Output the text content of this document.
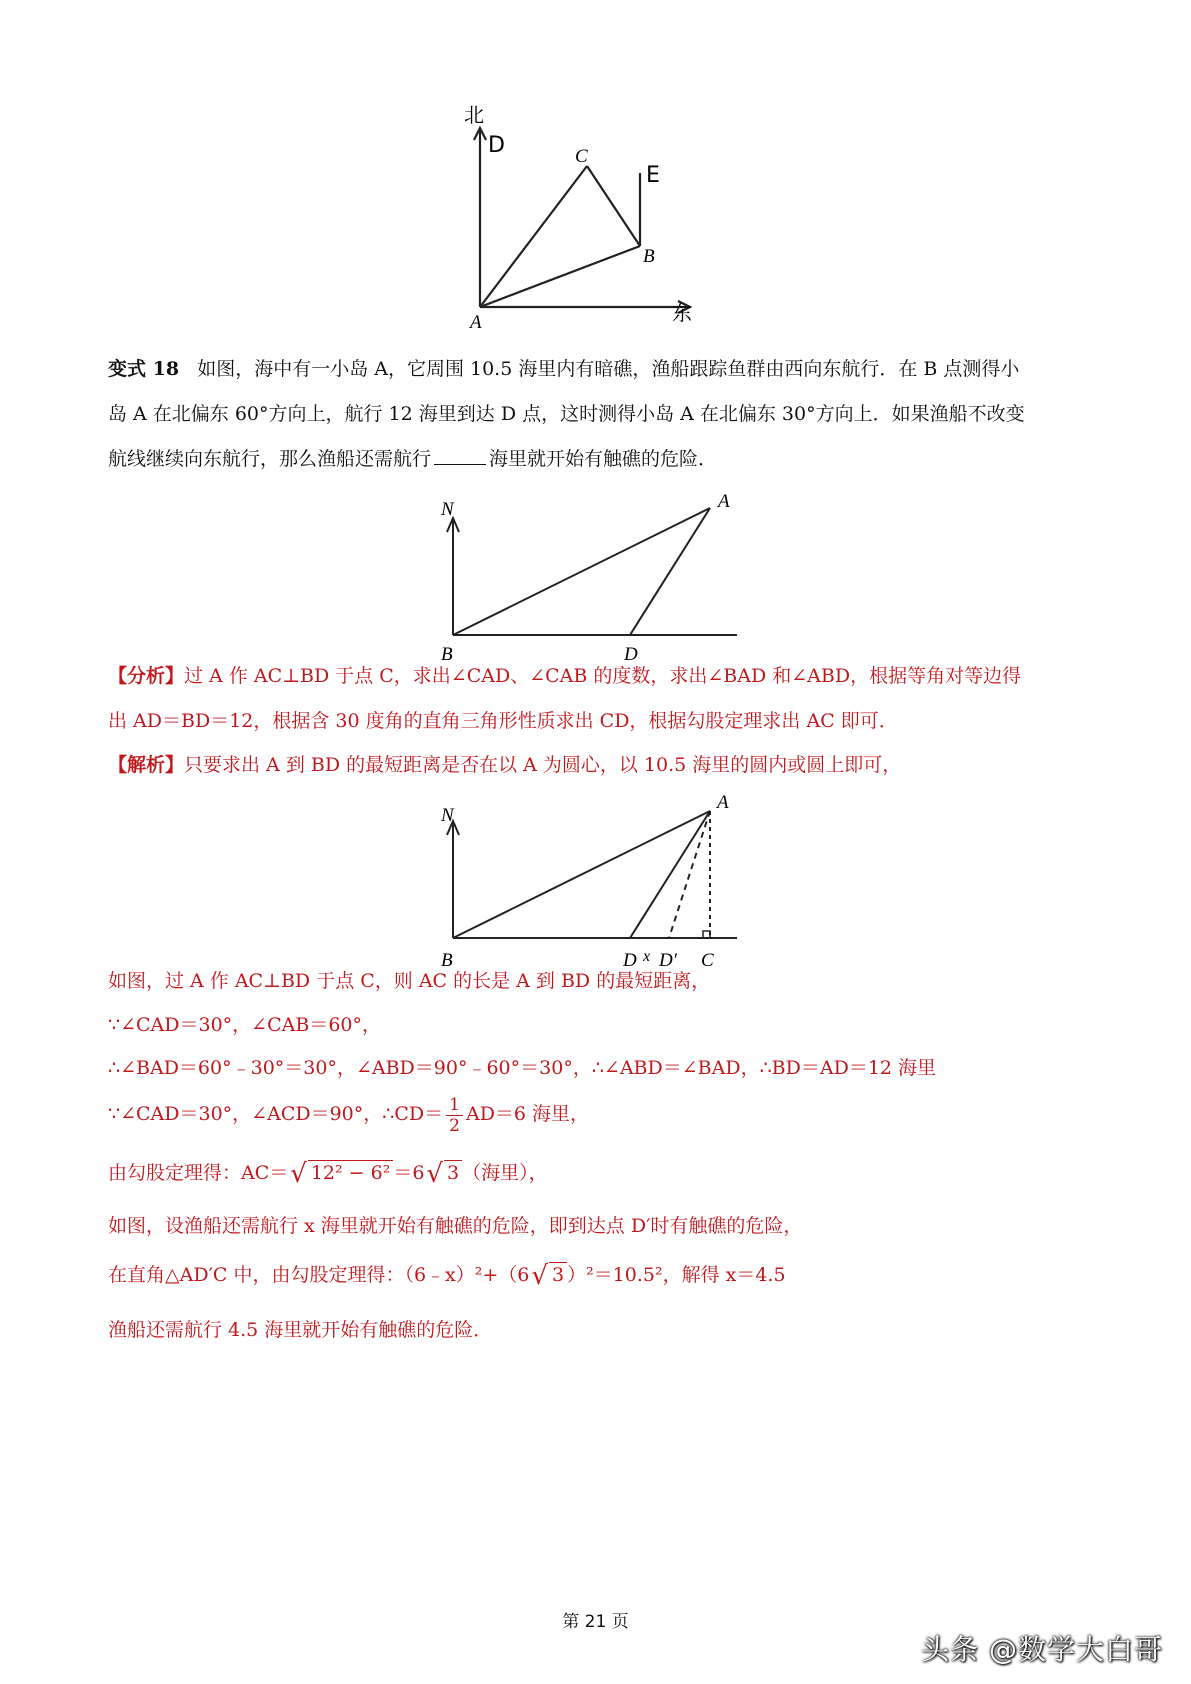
北
东
D	C
E
B
A
变式 18 如图，海中有一小岛 A，它周围 10.5 海里内有暗礁，渔船跟踪鱼群由西向东航行．在 B 点测得小
岛 A 在北偏东 60°方向上，航行 12 海里到达 D 点，这时测得小岛 A 在北偏东 30°方向上．如果渔船不改变
航线继续向东航行，那么渔船还需航行	海里就开始有触礁的危险．
N	A
B	D
【分析】过 A 作 AC⊥BD 于点 C，求出∠CAD、∠CAB 的度数，求出∠BAD 和∠ABD，根据等角对等边得
出 AD＝BD＝12，根据含 30 度角的直角三角形性质求出 CD，根据勾股定理求出 AC 即可．
【解析】只要求出 A 到 BD 的最短距离是否在以 A 为圆心，以 10.5 海里的圆内或圆上即可，
N
A
B	D x D′ C
如图，过 A 作 AC⊥BD 于点 C，则 AC 的长是 A 到 BD 的最短距离，
∵∠CAD＝30°，∠CAB＝60°，
∴∠BAD＝60°﹣30°＝30°，∠ABD＝90°﹣60°＝30°，∴∠ABD＝∠BAD，∴BD＝AD＝12 海里
∵∠CAD＝30°，∠ACD＝90°，∴CD＝ $\frac{1}{2} AD=6$ 海里，
由勾股定理得：AC＝√ 12² − 6² ＝6√ 3 （海里），
如图，设渔船还需航行 x 海里就开始有触礁的危险，即到达点 D′时有触礁的危险，
在直角△AD′C 中，由勾股定理得：（6﹣x）²+（6√ 3 ）²＝10.5²，解得 x＝4.5
渔船还需航行 4.5 海里就开始有触礁的危险．
第 21 页
头条 @数学大白哥
